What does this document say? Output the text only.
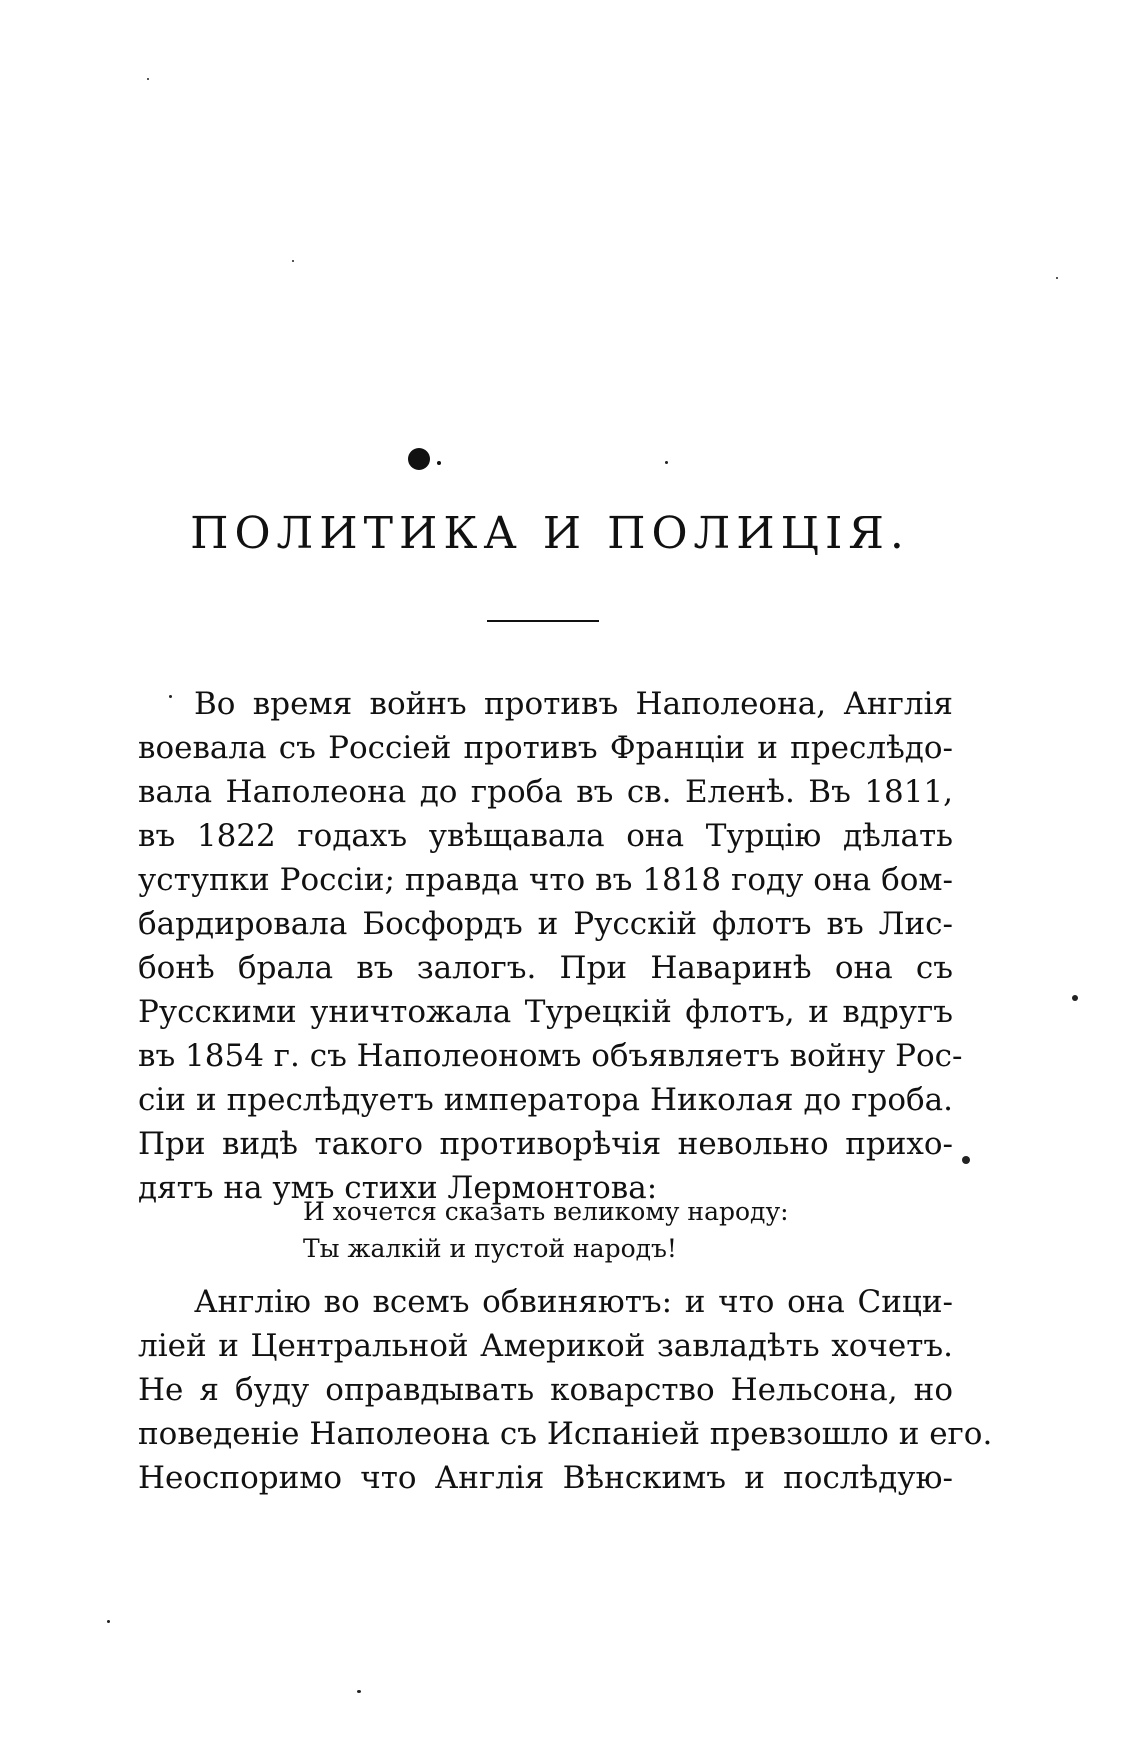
ПОЛИТИКА И ПОЛИЦІЯ.
Во время войнъ противъ Наполеона, Англія
воевала съ Россіей противъ Франціи и преслѣдо-
вала Наполеона до гроба въ св. Еленѣ. Въ 1811,
въ 1822 годахъ увѣщавала она Турцію дѣлать
уступки Россіи; правда что въ 1818 году она бом-
бардировала Босфордъ и Русскій флотъ въ Лис-
бонѣ брала въ залогъ. При Наваринѣ она съ
Русскими уничтожала Турецкій флотъ, и вдругъ
въ 1854 г. съ Наполеономъ объявляетъ войну Рос-
сіи и преслѣдуетъ императора Николая до гроба.
При видѣ такого противорѣчія невольно прихо-
дятъ на умъ стихи Лермонтова:
И хочется сказать великому народу:
Ты жалкій и пустой народъ!
Англію во всемъ обвиняютъ: и что она Сици-
ліей и Центральной Америкой завладѣть хочетъ.
Не я буду оправдывать коварство Нельсона, но
поведеніе Наполеона съ Испаніей превзошло и его.
Неоспоримо что Англія Вѣнскимъ и послѣдую-
